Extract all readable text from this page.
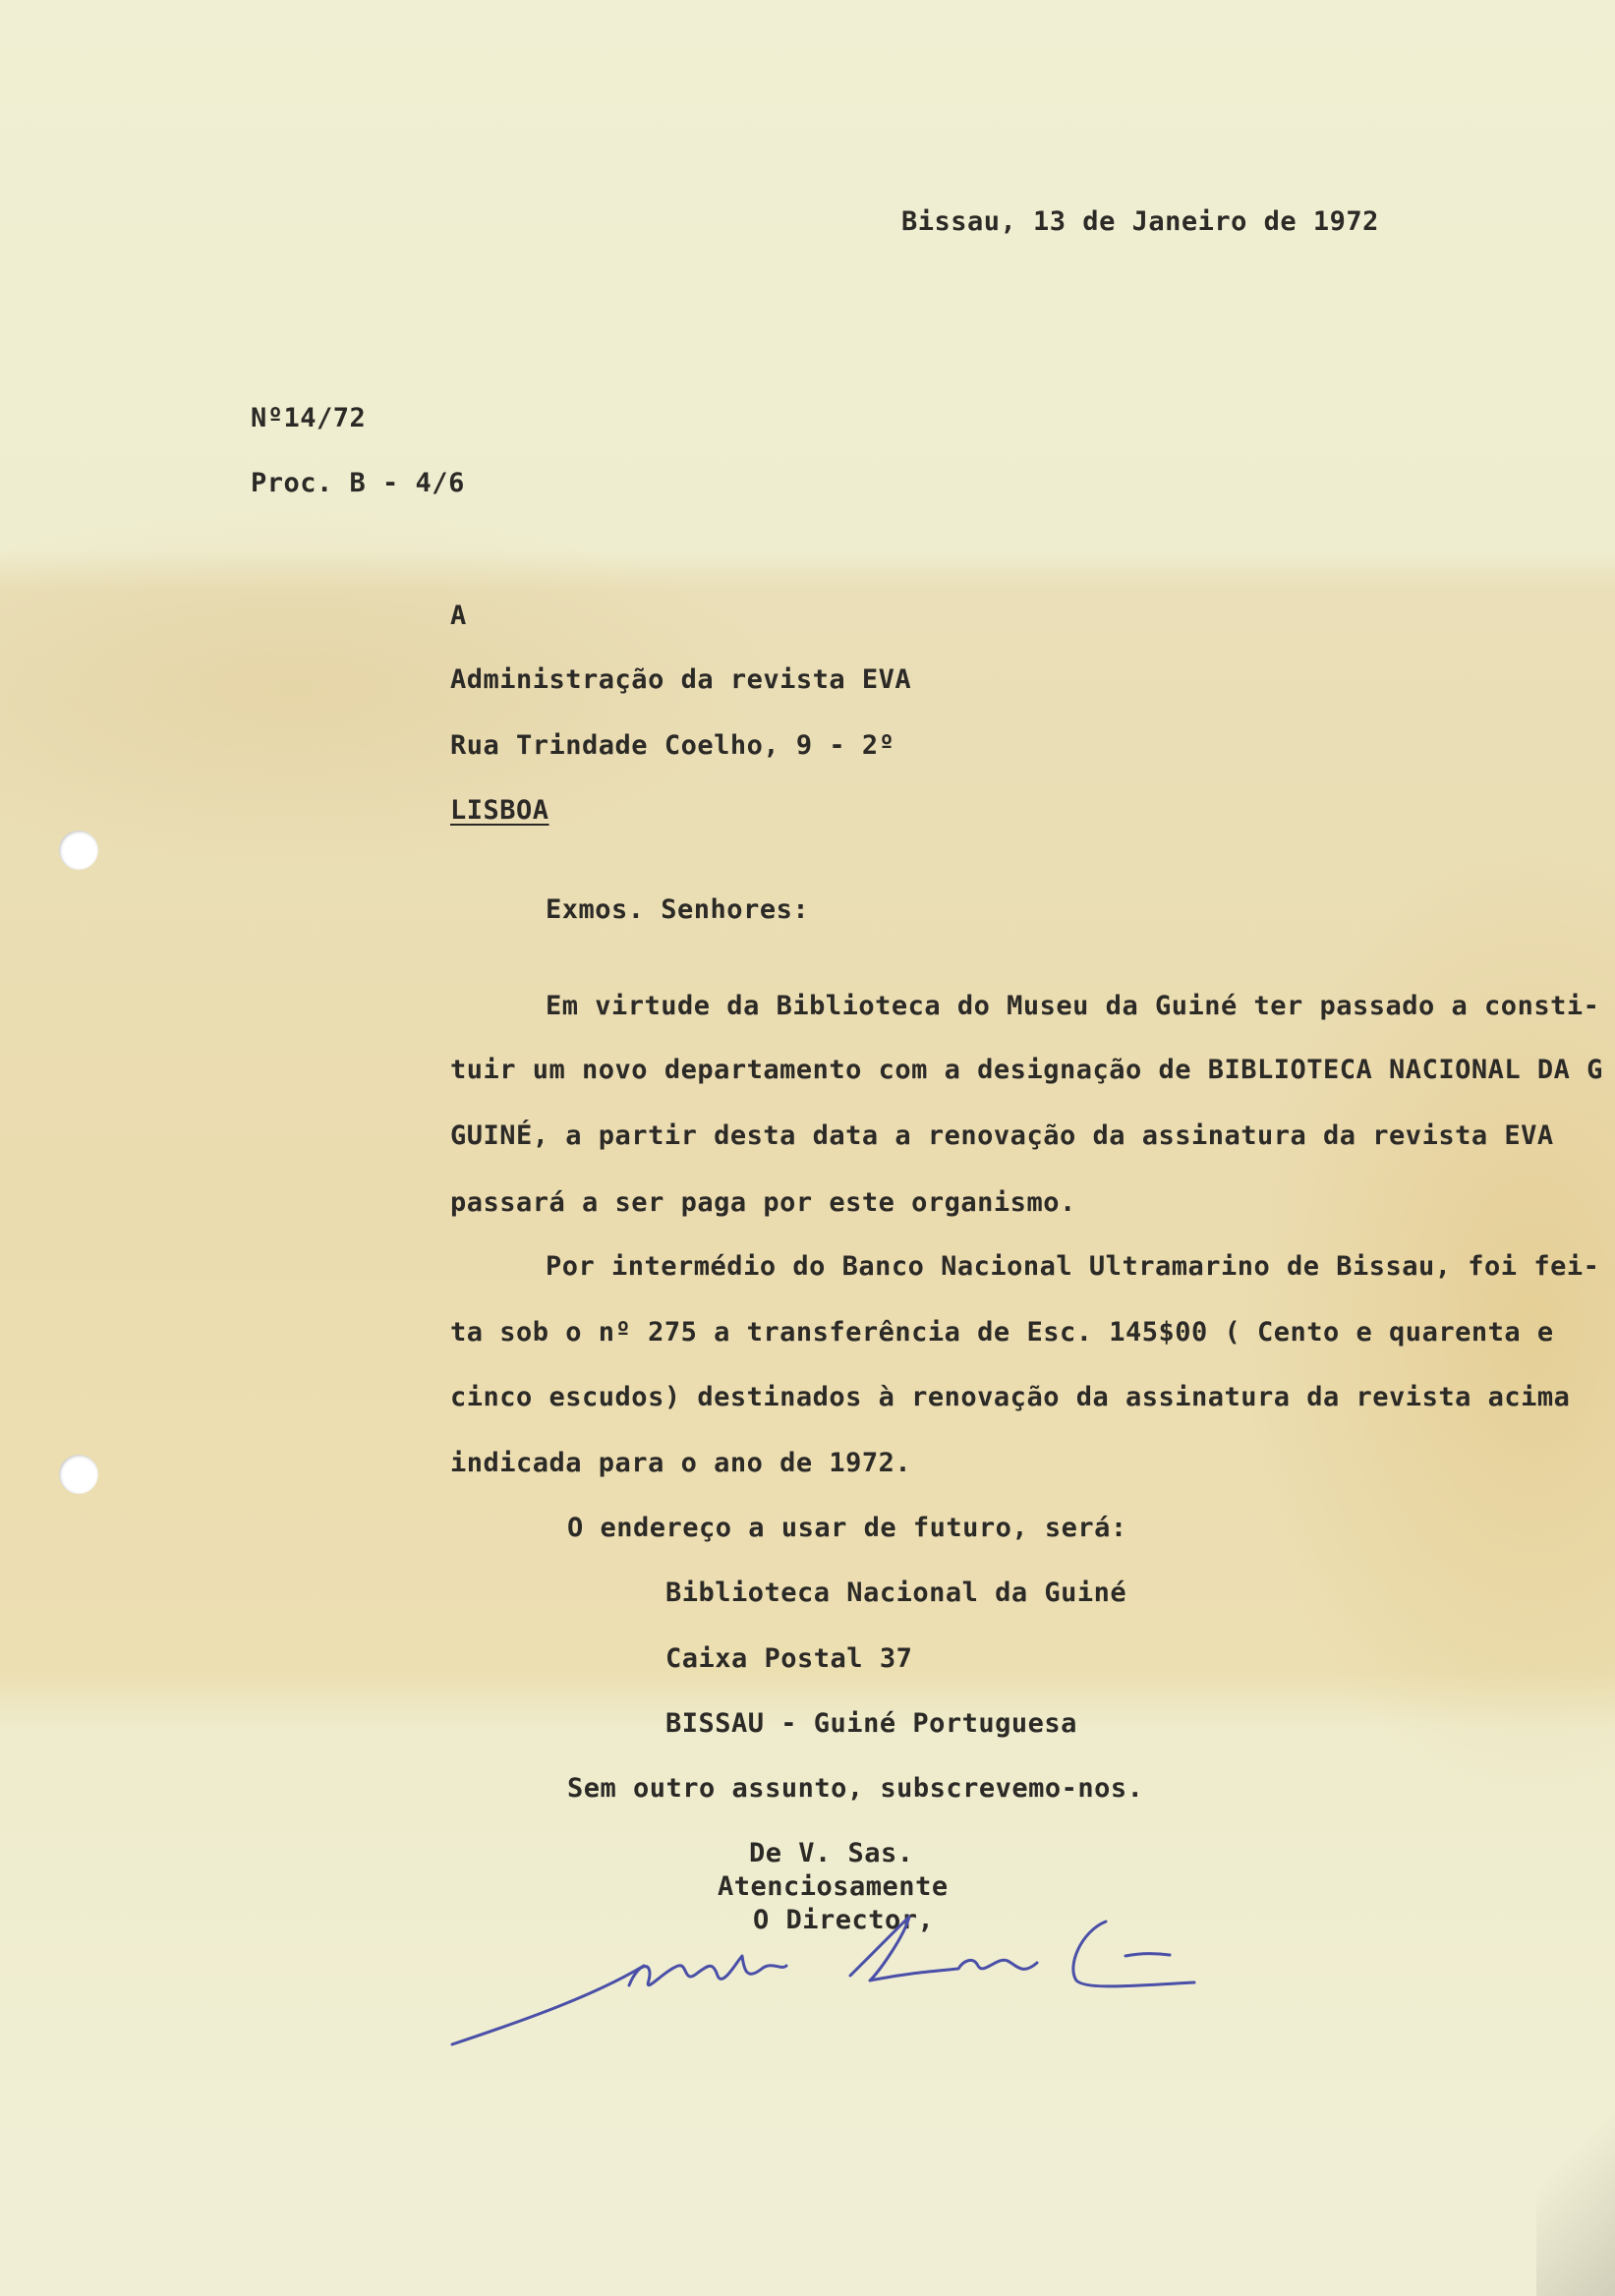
Bissau, 13 de Janeiro de 1972
Nº14/72
Proc. B - 4/6
A
Administração da revista EVA
Rua Trindade Coelho, 9 - 2º
LISBOA
Exmos. Senhores:
Em virtude da Biblioteca do Museu da Guiné ter passado a consti-
tuir um novo departamento com a designação de BIBLIOTECA NACIONAL DA G
GUINÉ, a partir desta data a renovação da assinatura da revista EVA
passará a ser paga por este organismo.
Por intermédio do Banco Nacional Ultramarino de Bissau, foi fei-
ta sob o nº 275 a transferência de Esc. 145$00 ( Cento e quarenta e
cinco escudos) destinados à renovação da assinatura da revista acima
indicada para o ano de 1972.
O endereço a usar de futuro, será:
Biblioteca Nacional da Guiné
Caixa Postal 37
BISSAU - Guiné Portuguesa
Sem outro assunto, subscrevemo-nos.
De V. Sas.
Atenciosamente
O Director,
